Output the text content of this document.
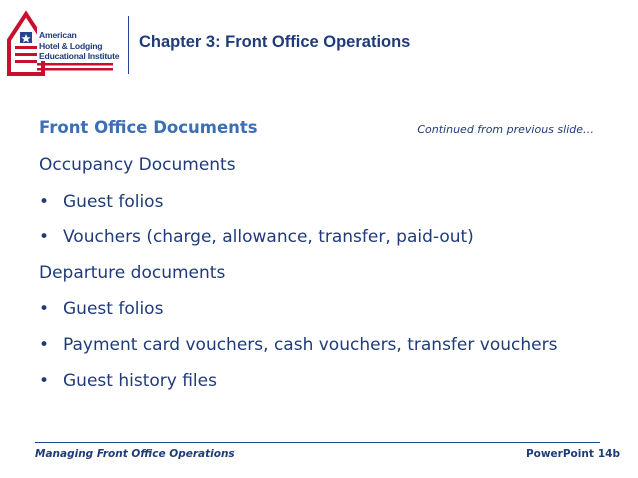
American
Hotel & Lodging
Educational Institute
Chapter 3: Front Office Operations
Front Office Documents	Continued from previous slide…
Occupancy Documents
• Guest folios
• Vouchers (charge, allowance, transfer, paid-out)
Departure documents
• Guest folios
• Payment card vouchers, cash vouchers, transfer vouchers
• Guest history files
Managing Front Office Operations	PowerPoint 14b
